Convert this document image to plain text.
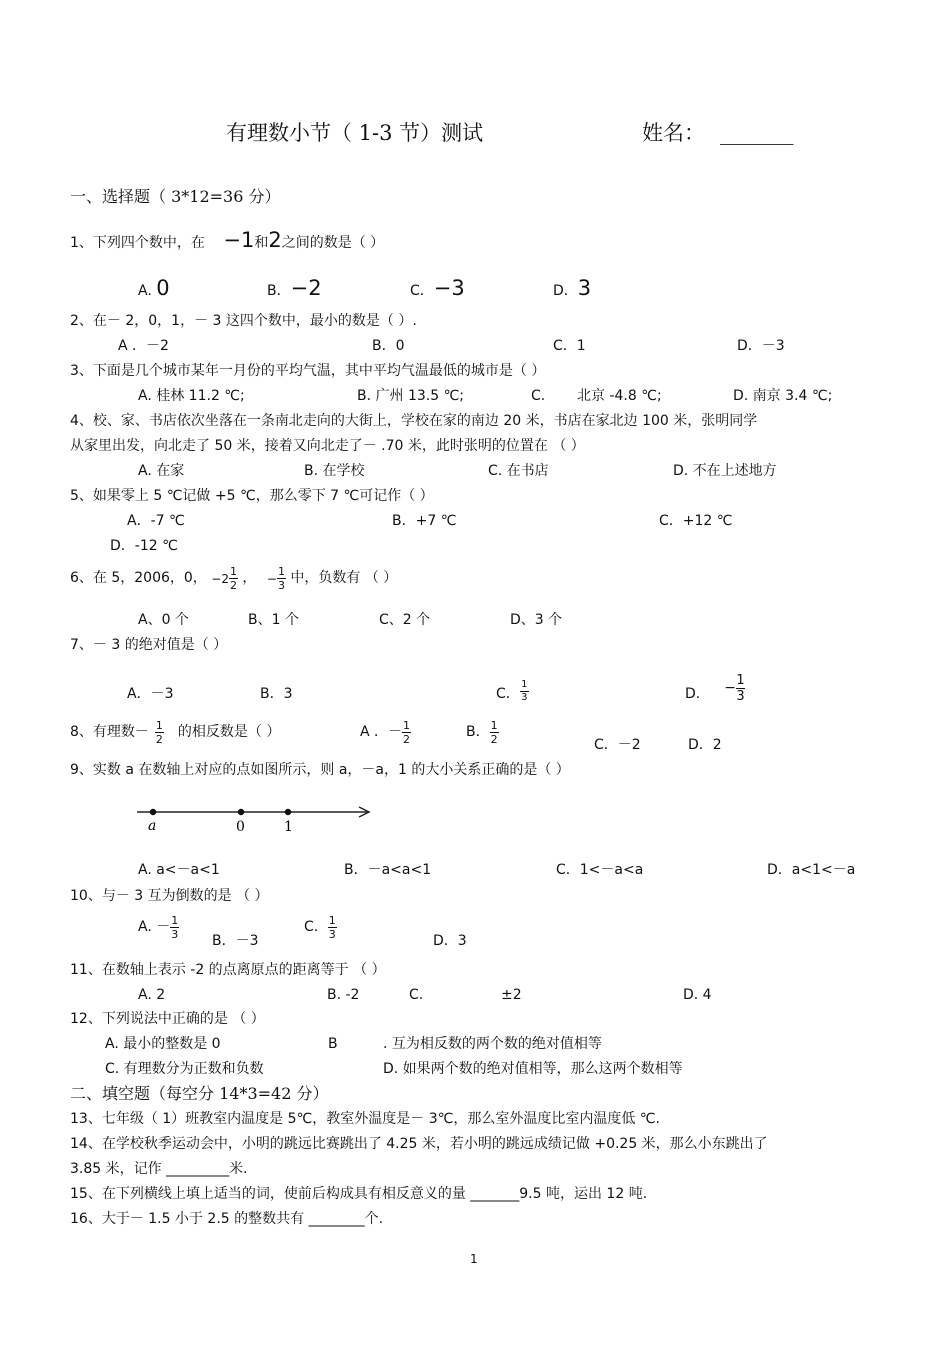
有理数小节（ 1-3 节）测试	姓名： _______
一、选择题（ 3*12=36 分）
1、下列四个数中，在 −1和2之间的数是（ ）
A. 0	B．−2	C．−3	D．3
2、在－ 2，0，1，－ 3 这四个数中，最小的数是（ ）.
A ．－2	B．0	C．1	D．－3
3、下面是几个城市某年一月份的平均气温，其中平均气温最低的城市是（ ）
A. 桂林 11.2 ℃;	B. 广州 13.5 ℃;	C. 北京 -4.8 ℃;	D. 南京 3.4 ℃;
4、校、家、书店依次坐落在一条南北走向的大街上，学校在家的南边 20 米，书店在家北边 100 米，张明同学
从家里出发，向北走了 50 米，接着又向北走了－ .70 米，此时张明的位置在 （ ）
A. 在家	B. 在学校	C. 在书店	D. 不在上述地方
5、如果零上 5 ℃记做 +5 ℃，那么零下 7 ℃可记作（ ）
A．-7 ℃	B．+7 ℃	C．+12 ℃
D．-12 ℃
6、在 5，2006，0， $-2 \frac{1}{2}$ ， − $\frac{1}{3}$ 中，负数有 （ ）
A、0 个	B、1 个	C、2 个	D、3 个
7、－ 3 的绝对值是（ ）
A．－3	B．3	C． $\frac{1}{3}$	D． − $\frac{1}{3}$
8、有理数－ $\frac{1}{2}$ 的相反数是（ ）	A ．－ $\frac{1}{2}$	B． $\frac{1}{2}$	C．－2	D．2
9、实数 a 在数轴上对应的点如图所示，则 a，－a，1 的大小关系正确的是（ ）
a	0	1
A. a<－a<1	B．－a<a<1	C．1<－a<a	D．a<1<－a
10、与－ 3 互为倒数的是 （ ）
A. － $\frac{1}{3}$
B．－3
C． $\frac{1}{3}$
D．3
11、在数轴上表示 -2 的点离原点的距离等于 （ ）
A. 2	B. -2	C.	±2	D. 4
12、下列说法中正确的是 （ ）
A. 最小的整数是 0	B	. 互为相反数的两个数的绝对值相等
C. 有理数分为正数和负数	D. 如果两个数的绝对值相等，那么这两个数相等
二、填空题（每空分 14*3=42 分）
13、七年级（ 1）班教室内温度是 5℃，教室外温度是－ 3℃，那么室外温度比室内温度低 ℃.
14、在学校秋季运动会中，小明的跳远比赛跳出了 4.25 米，若小明的跳远成绩记做 +0.25 米，那么小东跳出了
3.85 米，记作 _________米.
15、在下列横线上填上适当的词，使前后构成具有相反意义的量 _______9.5 吨，运出 12 吨.
16、大于－ 1.5 小于 2.5 的整数共有 ________个.
1
